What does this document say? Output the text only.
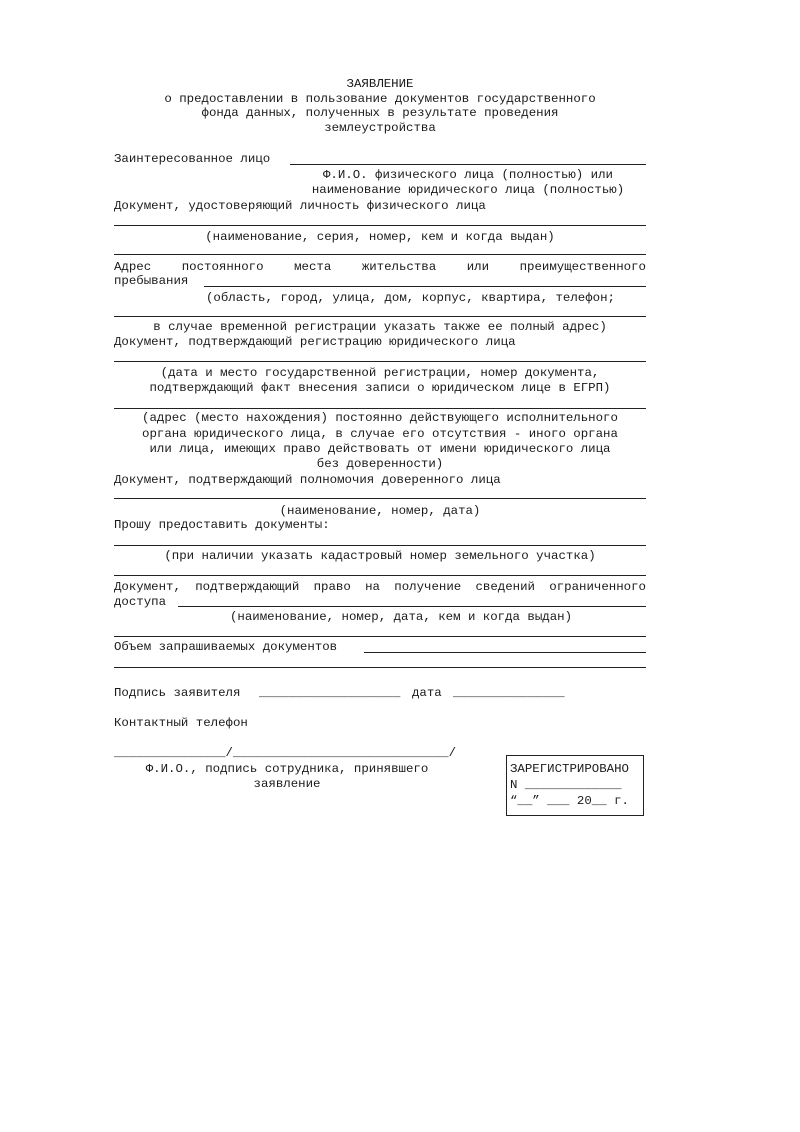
ЗАЯВЛЕНИЕ
о предоставлении в пользование документов государственного
фонда данных, полученных в результате проведения
землеустройства
Заинтересованное лицо
Ф.И.О. физического лица (полностью) или
наименование юридического лица (полностью)
Документ, удостоверяющий личность физического лица
(наименование, серия, номер, кем и когда выдан)
Адрес постоянного места жительства или преимущественного
пребывания
(область, город, улица, дом, корпус, квартира, телефон;
в случае временной регистрации указать также ее полный адрес)
Документ, подтверждающий регистрацию юридического лица
(дата и место государственной регистрации, номер документа,
подтверждающий факт внесения записи о юридическом лице в ЕГРП)
(адрес (место нахождения) постоянно действующего исполнительного
органа юридического лица, в случае его отсутствия - иного органа
или лица, имеющих право действовать от имени юридического лица
без доверенности)
Документ, подтверждающий полномочия доверенного лица
(наименование, номер, дата)
Прошу предоставить документы:
(при наличии указать кадастровый номер земельного участка)
Документ, подтверждающий право на получение сведений ограниченного
доступа
(наименование, номер, дата, кем и когда выдан)
Объем запрашиваемых документов
Подпись заявителя ___________________ дата _______________
Контактный телефон
_______________/_____________________________/
Ф.И.О., подпись сотрудника, принявшего
заявление
ЗАРЕГИСТРИРОВАНО
N _____________
“__” ___ 20__ г.
